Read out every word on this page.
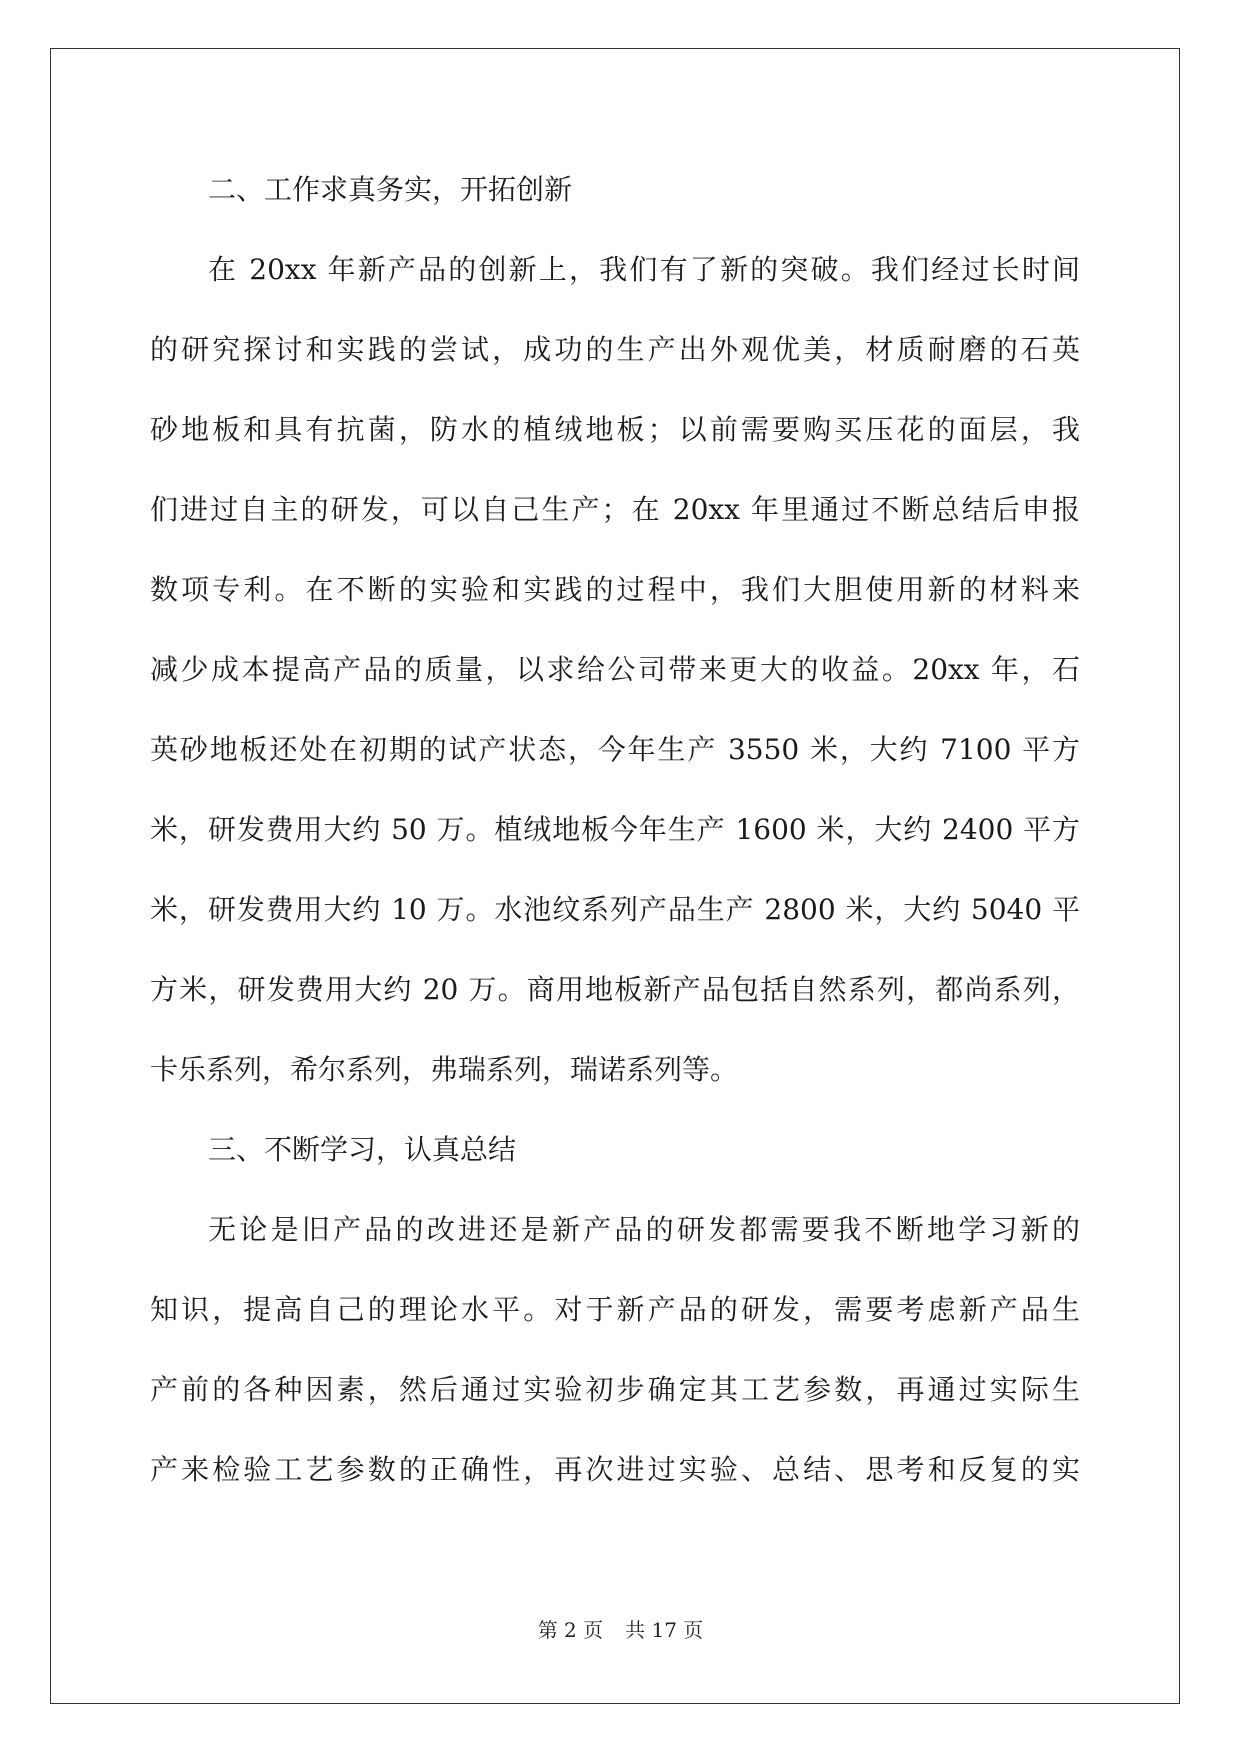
二、工作求真务实，开拓创新
在 20xx 年新产品的创新上，我们有了新的突破。我们经过长时间
的研究探讨和实践的尝试，成功的生产出外观优美，材质耐磨的石英
砂地板和具有抗菌，防水的植绒地板；以前需要购买压花的面层，我
们进过自主的研发，可以自己生产；在 20xx 年里通过不断总结后申报
数项专利。在不断的实验和实践的过程中，我们大胆使用新的材料来
减少成本提高产品的质量，以求给公司带来更大的收益。20xx 年，石
英砂地板还处在初期的试产状态，今年生产 3550 米，大约 7100 平方
米，研发费用大约 50 万。植绒地板今年生产 1600 米，大约 2400 平方
米，研发费用大约 10 万。水池纹系列产品生产 2800 米，大约 5040 平
方米，研发费用大约 20 万。商用地板新产品包括自然系列，都尚系列，
卡乐系列，希尔系列，弗瑞系列，瑞诺系列等。
三、不断学习，认真总结
无论是旧产品的改进还是新产品的研发都需要我不断地学习新的
知识，提高自己的理论水平。对于新产品的研发，需要考虑新产品生
产前的各种因素，然后通过实验初步确定其工艺参数，再通过实际生
产来检验工艺参数的正确性，再次进过实验、总结、思考和反复的实
第 2 页 共 17 页
